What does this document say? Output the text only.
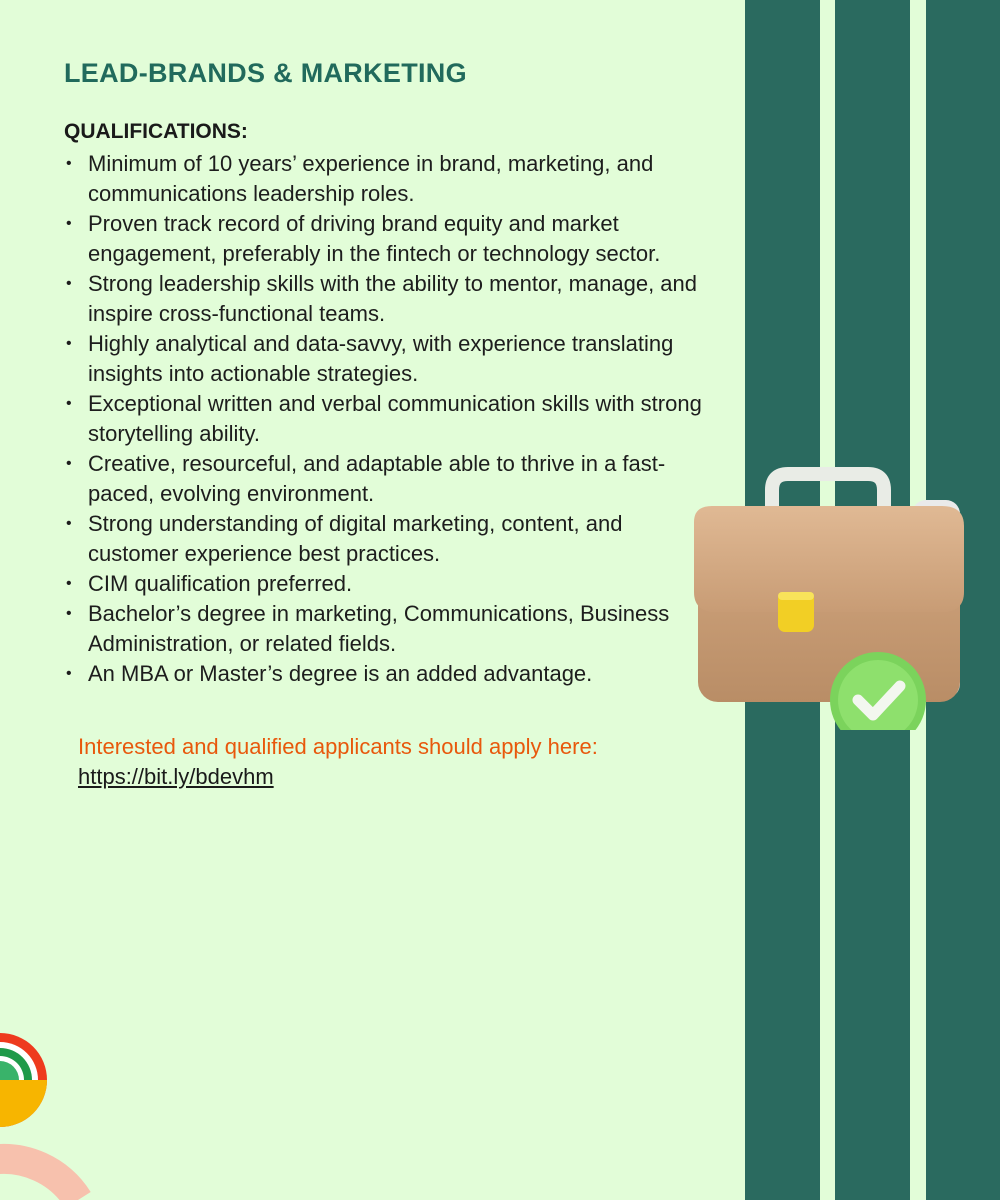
LEAD-BRANDS & MARKETING
QUALIFICATIONS:
• Minimum of 10 years’ experience in brand, marketing, and communications leadership roles.
• Proven track record of driving brand equity and market engagement, preferably in the fintech or technology sector.
• Strong leadership skills with the ability to mentor, manage, and inspire cross-functional teams.
• Highly analytical and data-savvy, with experience translating insights into actionable strategies.
• Exceptional written and verbal communication skills with strong storytelling ability.
• Creative, resourceful, and adaptable able to thrive in a fast-paced, evolving environment.
• Strong understanding of digital marketing, content, and customer experience best practices.
• CIM qualification preferred.
• Bachelor’s degree in marketing, Communications, Business Administration, or related fields.
• An MBA or Master’s degree is an added advantage.

Interested and qualified applicants should apply here: https://bit.ly/bdevhm
